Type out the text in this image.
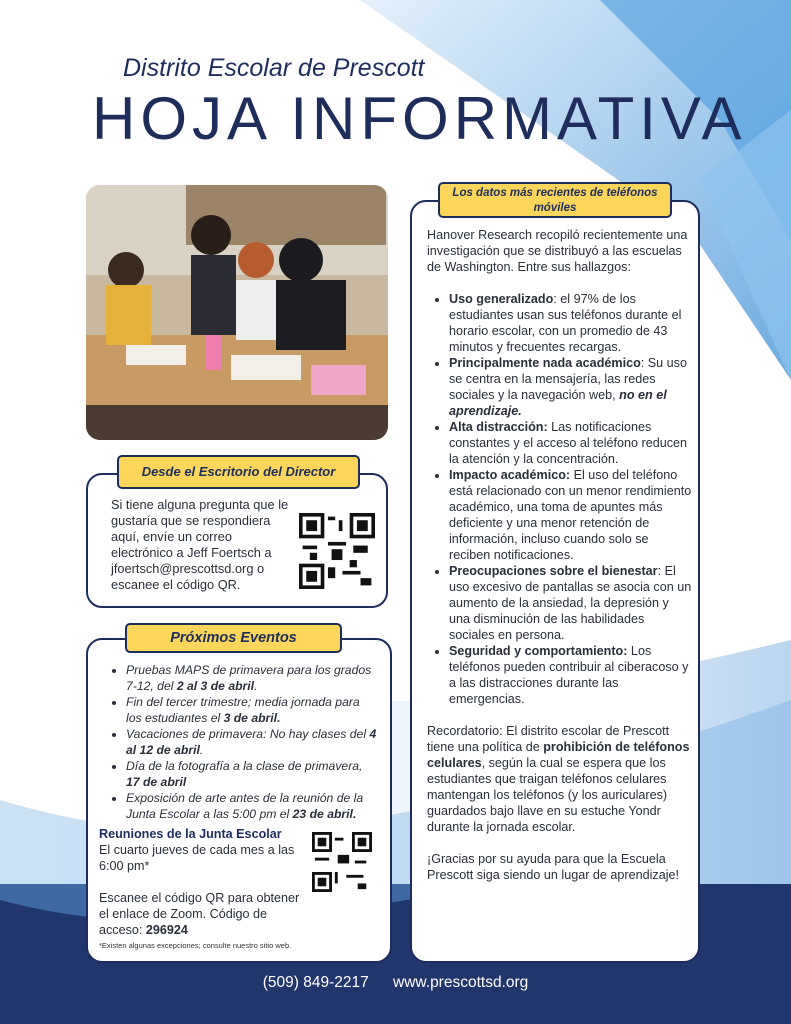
Distrito Escolar de Prescott
HOJA INFORMATIVA
Si tiene alguna pregunta que le gustaría que se respondiera aquí, envíe un correo electrónico a Jeff Foertsch a jfoertsch@prescottsd.org o escanee el código QR.
Desde el Escritorio del Director
• Pruebas MAPS de primavera para los grados 7-12, del 2 al 3 de abril.
• Fin del tercer trimestre; media jornada para los estudiantes el 3 de abril.
• Vacaciones de primavera: No hay clases del 4 al 12 de abril.
• Día de la fotografía a la clase de primavera, 17 de abril
• Exposición de arte antes de la reunión de la Junta Escolar a las 5:00 pm el 23 de abril.
Reuniones de la Junta Escolar
El cuarto jueves de cada mes a las 6:00 pm*

Escanee el código QR para obtener el enlace de Zoom. Código de acceso: 296924
*Existen algunas excepciones; consulte nuestro sitio web.
Próximos Eventos

Hanover Research recopiló recientemente una investigación que se distribuyó a las escuelas de Washington. Entre sus hallazgos:

• Uso generalizado: el 97% de los estudiantes usan sus teléfonos durante el horario escolar, con un promedio de 43 minutos y frecuentes recargas.
• Principalmente nada académico: Su uso se centra en la mensajería, las redes sociales y la navegación web, no en el aprendizaje.
• Alta distracción: Las notificaciones constantes y el acceso al teléfono reducen la atención y la concentración.
• Impacto académico: El uso del teléfono está relacionado con un menor rendimiento académico, una toma de apuntes más deficiente y una menor retención de información, incluso cuando solo se reciben notificaciones.
• Preocupaciones sobre el bienestar: El uso excesivo de pantallas se asocia con un aumento de la ansiedad, la depresión y una disminución de las habilidades sociales en persona.
• Seguridad y comportamiento: Los teléfonos pueden contribuir al ciberacoso y a las distracciones durante las emergencias.

Recordatorio: El distrito escolar de Prescott tiene una política de prohibición de teléfonos celulares, según la cual se espera que los estudiantes que traigan teléfonos celulares mantengan los teléfonos (y los auriculares) guardados bajo llave en su estuche Yondr durante la jornada escolar.

¡Gracias por su ayuda para que la Escuela Prescott siga siendo un lugar de aprendizaje!

Los datos más recientes de teléfonos móviles
(509) 849-2217 www.prescottsd.org
